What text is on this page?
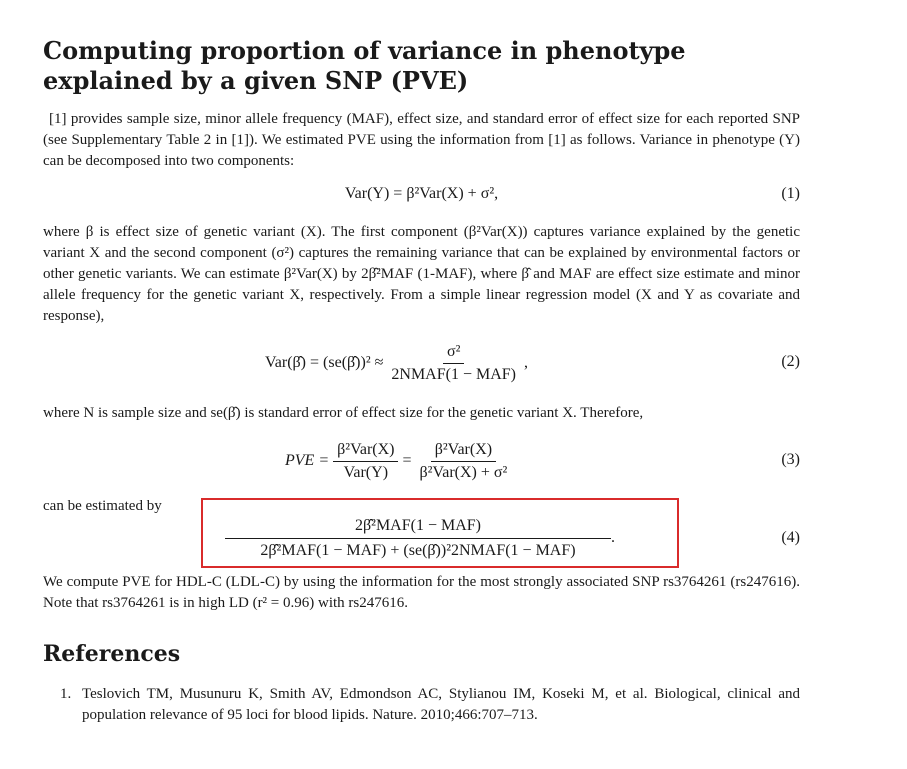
Computing proportion of variance in phenotype explained by a given SNP (PVE)
[1] provides sample size, minor allele frequency (MAF), effect size, and standard error of effect size for each reported SNP (see Supplementary Table 2 in [1]). We estimated PVE using the information from [1] as follows. Variance in phenotype (Y) can be decomposed into two components:
Var(Y) = β²Var(X) + σ²,	(1)
where β is effect size of genetic variant (X). The first component (β²Var(X)) captures variance explained by the genetic variant X and the second component (σ²) captures the remaining variance that can be explained by environmental factors or other genetic variants. We can estimate β²Var(X) by 2β̂²MAF (1-MAF), where β̂ and MAF are effect size estimate and minor allele frequency for the genetic variant X, respectively. From a simple linear regression model (X and Y as covariate and response),
Var(β̂) = (se(β̂))² ≈ $\frac{\text{σ²}}{\text{2NMAF(1 − MAF)}}$ ,	(2)
where N is sample size and se(β̂) is standard error of effect size for the genetic variant X. Therefore,
PVE = $\frac{\text{β²Var(X)}}{\text{Var(Y)}} = \frac{\text{β²Var(X)}}{\text{β²Var(X) + σ²}}$	(3)
can be estimated by
$\frac{\text{2β̂²MAF(1 − MAF)}}{\text{2β̂²MAF(1 − MAF) + (se(β̂))²2NMAF(1 − MAF)}}$ .	(4)
We compute PVE for HDL-C (LDL-C) by using the information for the most strongly associated SNP rs3764261 (rs247616). Note that rs3764261 is in high LD (r² = 0.96) with rs247616.
References
1. Teslovich TM, Musunuru K, Smith AV, Edmondson AC, Stylianou IM, Koseki M, et al. Biological, clinical and population relevance of 95 loci for blood lipids. Nature. 2010;466:707–713.
